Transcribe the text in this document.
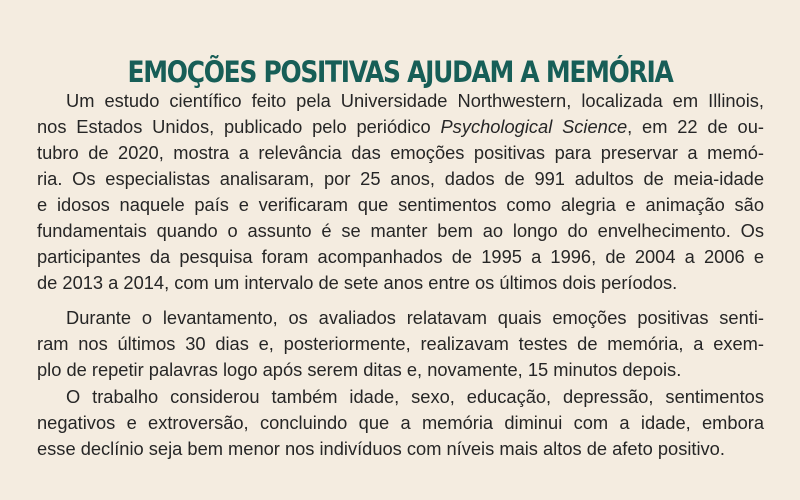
EMOÇÕES POSITIVAS AJUDAM A MEMÓRIA
Um estudo científico feito pela Universidade Northwestern, localizada em Illinois,
nos Estados Unidos, publicado pelo periódico Psychological Science, em 22 de ou-
tubro de 2020, mostra a relevância das emoções positivas para preservar a memó-
ria. Os especialistas analisaram, por 25 anos, dados de 991 adultos de meia-idade
e idosos naquele país e verificaram que sentimentos como alegria e animação são
fundamentais quando o assunto é se manter bem ao longo do envelhecimento. Os
participantes da pesquisa foram acompanhados de 1995 a 1996, de 2004 a 2006 e
de 2013 a 2014, com um intervalo de sete anos entre os últimos dois períodos.
Durante o levantamento, os avaliados relatavam quais emoções positivas senti-
ram nos últimos 30 dias e, posteriormente, realizavam testes de memória, a exem-
plo de repetir palavras logo após serem ditas e, novamente, 15 minutos depois.
O trabalho considerou também idade, sexo, educação, depressão, sentimentos
negativos e extroversão, concluindo que a memória diminui com a idade, embora
esse declínio seja bem menor nos indivíduos com níveis mais altos de afeto positivo.
